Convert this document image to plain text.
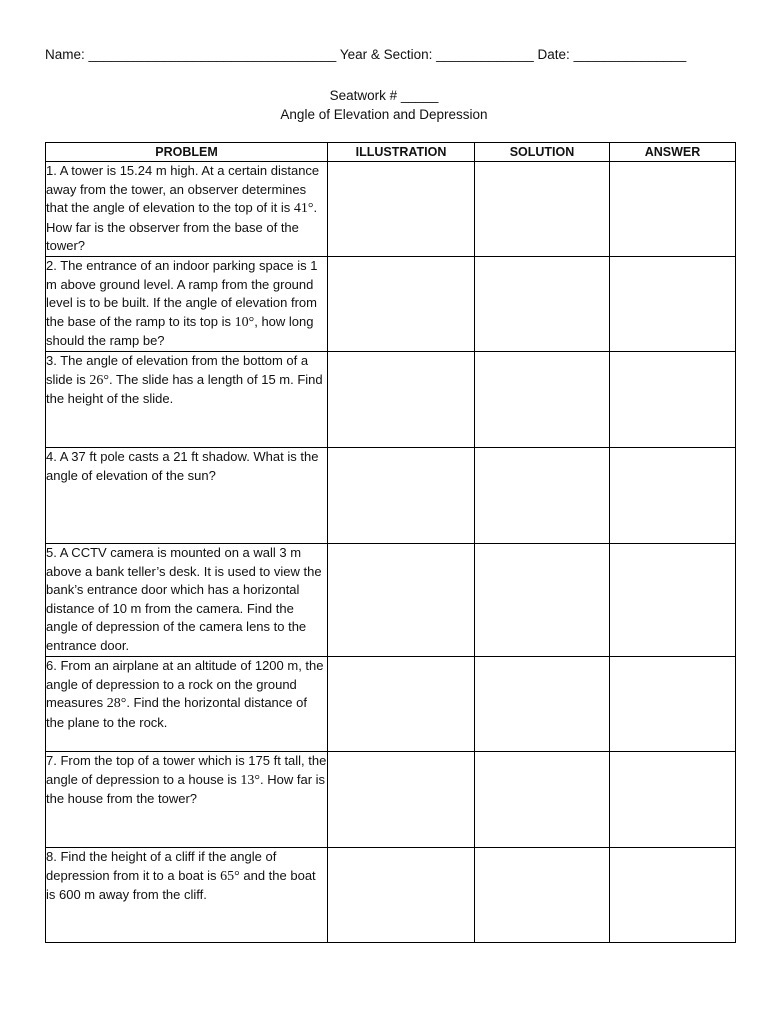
Name: _________________________________ Year & Section: _____________ Date: _______________
Seatwork # _____
Angle of Elevation and Depression
PROBLEM	ILLUSTRATION	SOLUTION	ANSWER
1. A tower is 15.24 m high. At a certain distance away from the tower, an observer determines that the angle of elevation to the top of it is 41°. How far is the observer from the base of the tower?			
2. The entrance of an indoor parking space is 1 m above ground level. A ramp from the ground level is to be built. If the angle of elevation from the base of the ramp to its top is 10°, how long should the ramp be?			
3. The angle of elevation from the bottom of a slide is 26°. The slide has a length of 15 m. Find the height of the slide.			
4. A 37 ft pole casts a 21 ft shadow. What is the angle of elevation of the sun?			
5. A CCTV camera is mounted on a wall 3 m above a bank teller’s desk. It is used to view the bank’s entrance door which has a horizontal distance of 10 m from the camera. Find the angle of depression of the camera lens to the entrance door.			
6. From an airplane at an altitude of 1200 m, the angle of depression to a rock on the ground measures 28°. Find the horizontal distance of the plane to the rock.			
7. From the top of a tower which is 175 ft tall, the angle of depression to a house is 13°. How far is the house from the tower?			
8. Find the height of a cliff if the angle of depression from it to a boat is 65° and the boat is 600 m away from the cliff.			
